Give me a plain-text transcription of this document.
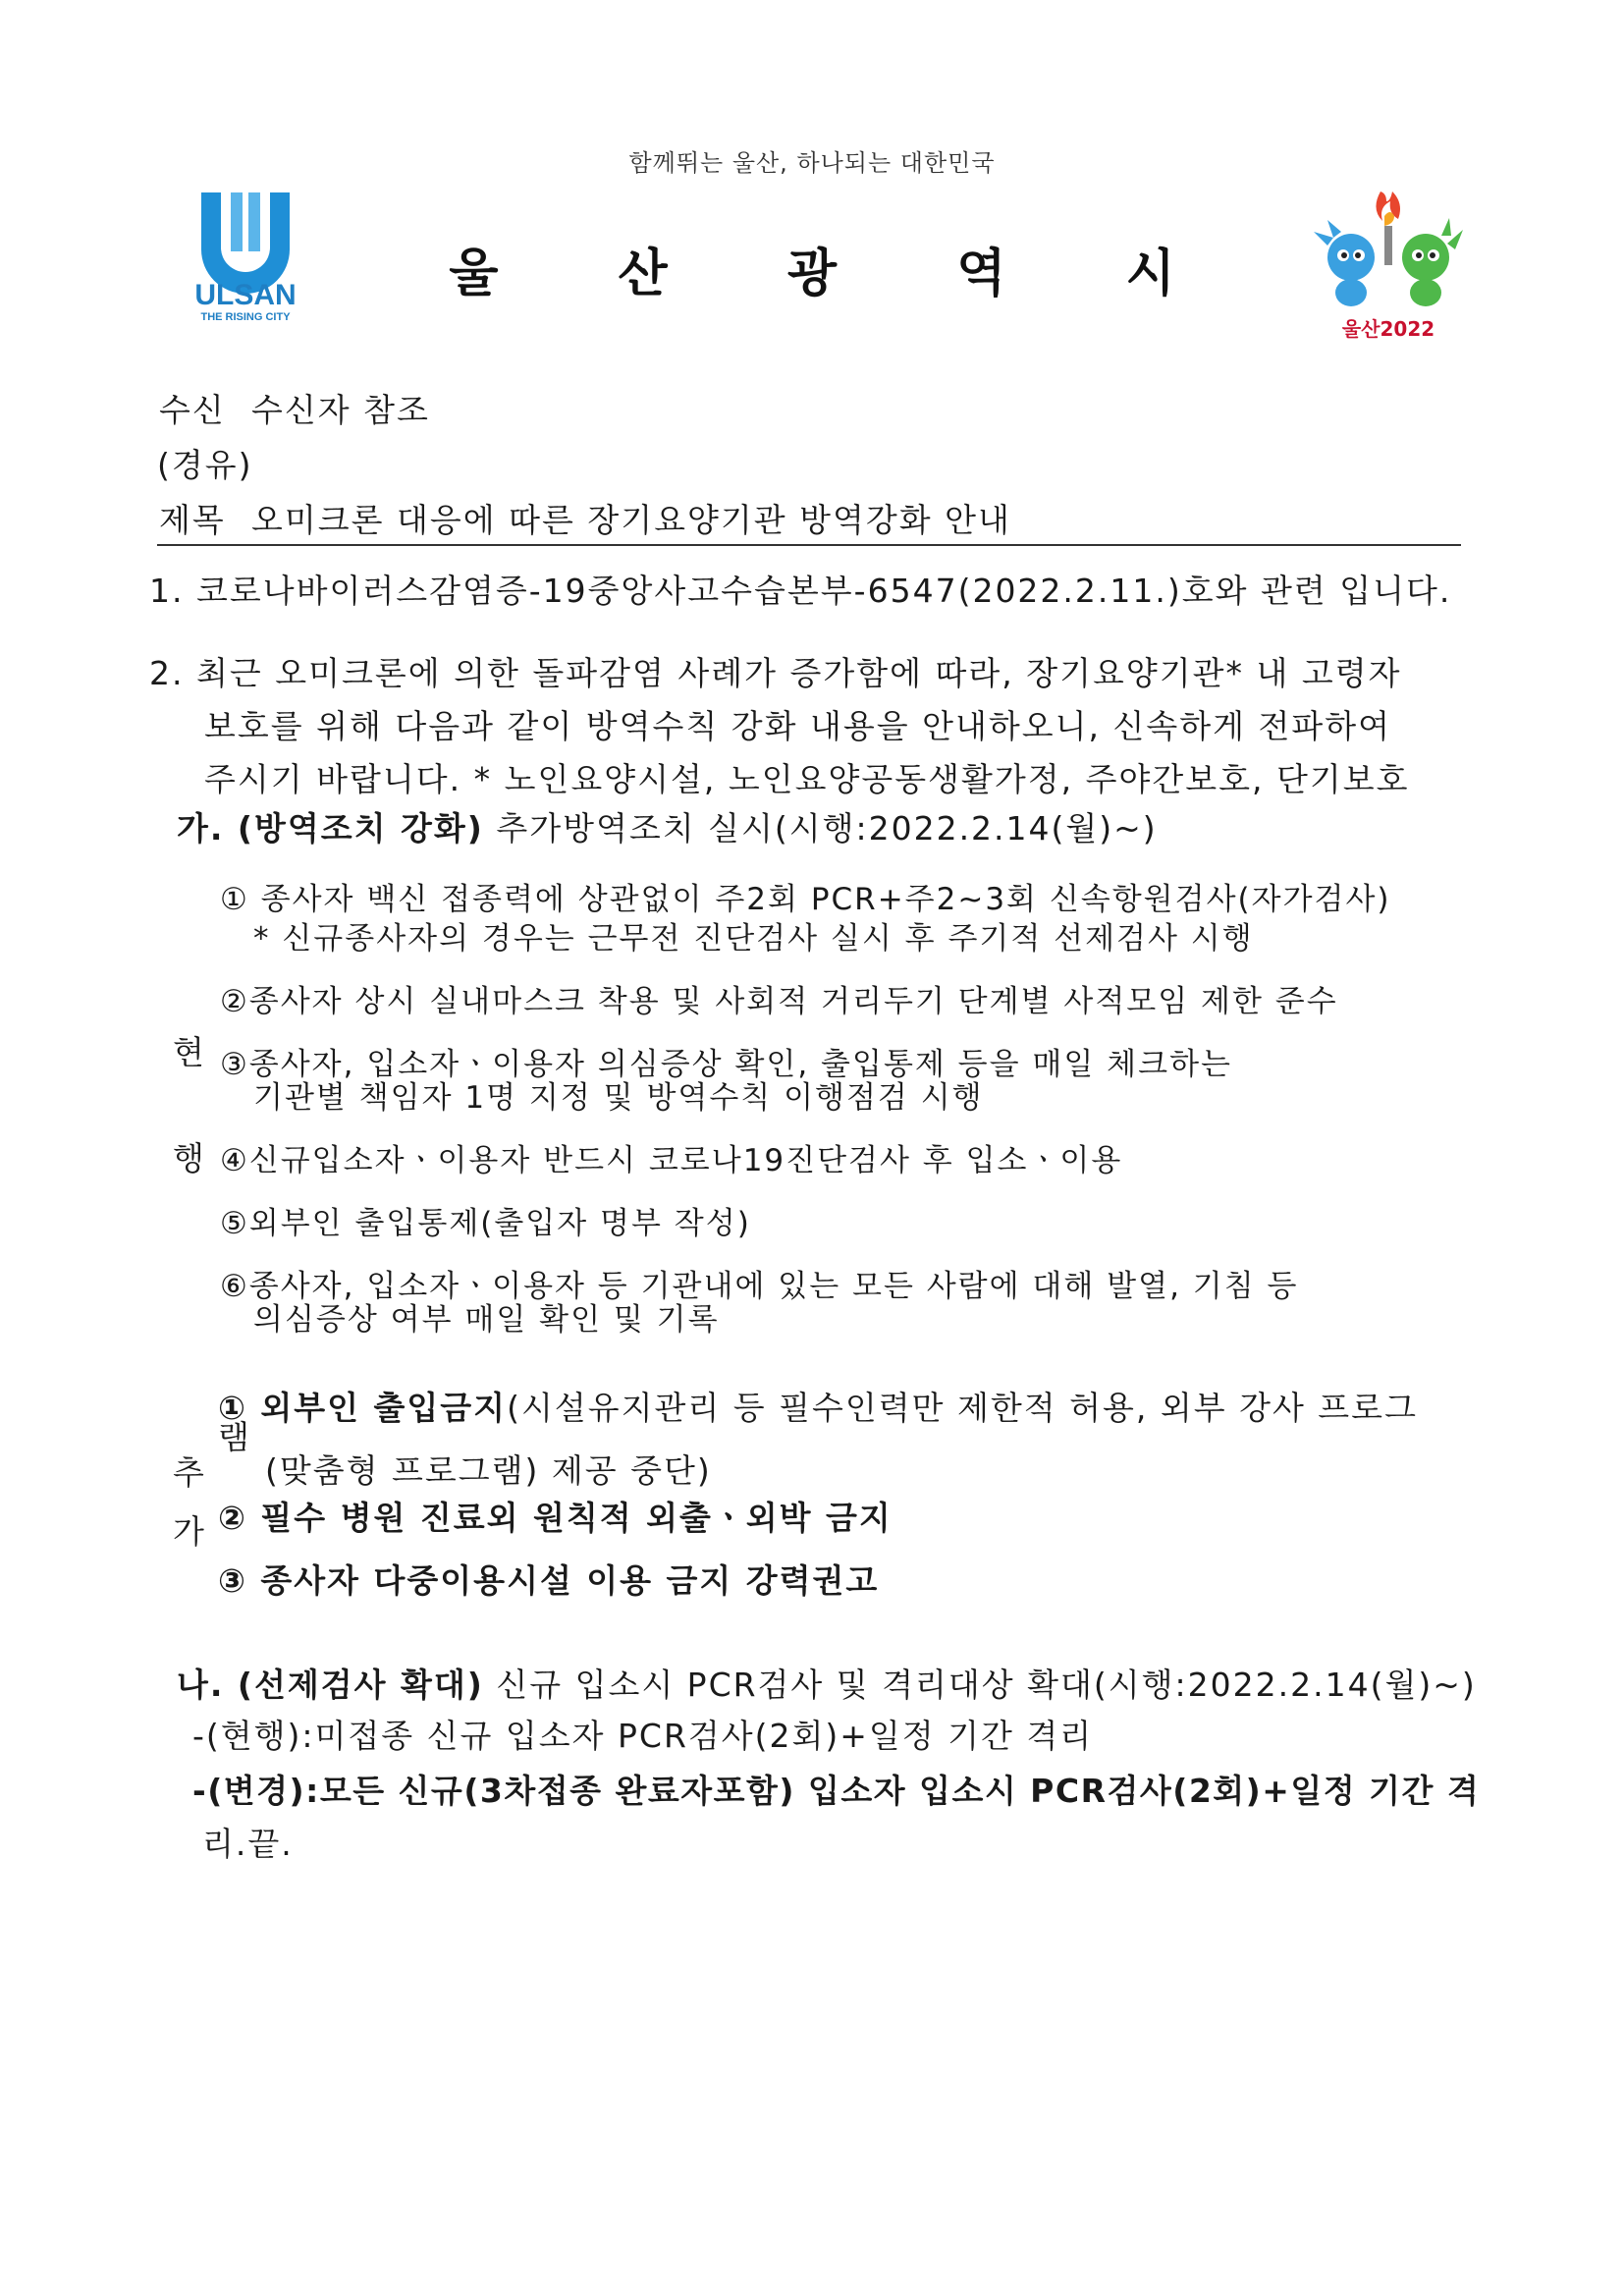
함께뛰는 울산, 하나되는 대한민국
ULSAN
THE RISING CITY
울 산 광 역 시
울산2022
수신 수신자 참조
(경유)
제목 오미크론 대응에 따른 장기요양기관 방역강화 안내
1. 코로나바이러스감염증-19중앙사고수습본부-6547(2022.2.11.)호와 관련 입니다.
2. 최근 오미크론에 의한 돌파감염 사례가 증가함에 따라, 장기요양기관* 내 고령자
보호를 위해 다음과 같이 방역수칙 강화 내용을 안내하오니, 신속하게 전파하여
주시기 바랍니다. * 노인요양시설, 노인요양공동생활가정, 주야간보호, 단기보호
가. (방역조치 강화) 추가방역조치 실시(시행:2022.2.14(월)~)
현
행
① 종사자 백신 접종력에 상관없이 주2회 PCR+주2~3회 신속항원검사(자가검사)
* 신규종사자의 경우는 근무전 진단검사 실시 후 주기적 선제검사 시행
②종사자 상시 실내마스크 착용 및 사회적 거리두기 단계별 사적모임 제한 준수
③종사자, 입소자ㆍ이용자 의심증상 확인, 출입통제 등을 매일 체크하는
기관별 책임자 1명 지정 및 방역수칙 이행점검 시행
④신규입소자ㆍ이용자 반드시 코로나19진단검사 후 입소ㆍ이용
⑤외부인 출입통제(출입자 명부 작성)
⑥종사자, 입소자ㆍ이용자 등 기관내에 있는 모든 사람에 대해 발열, 기침 등
의심증상 여부 매일 확인 및 기록
추
가
① 외부인 출입금지(시설유지관리 등 필수인력만 제한적 허용, 외부 강사 프로그
램
(맞춤형 프로그램) 제공 중단)
② 필수 병원 진료외 원칙적 외출ㆍ외박 금지
③ 종사자 다중이용시설 이용 금지 강력권고
나. (선제검사 확대) 신규 입소시 PCR검사 및 격리대상 확대(시행:2022.2.14(월)~)
-(현행):미접종 신규 입소자 PCR검사(2회)+일정 기간 격리
-(변경):모든 신규(3차접종 완료자포함) 입소자 입소시 PCR검사(2회)+일정 기간 격
리.끝.
